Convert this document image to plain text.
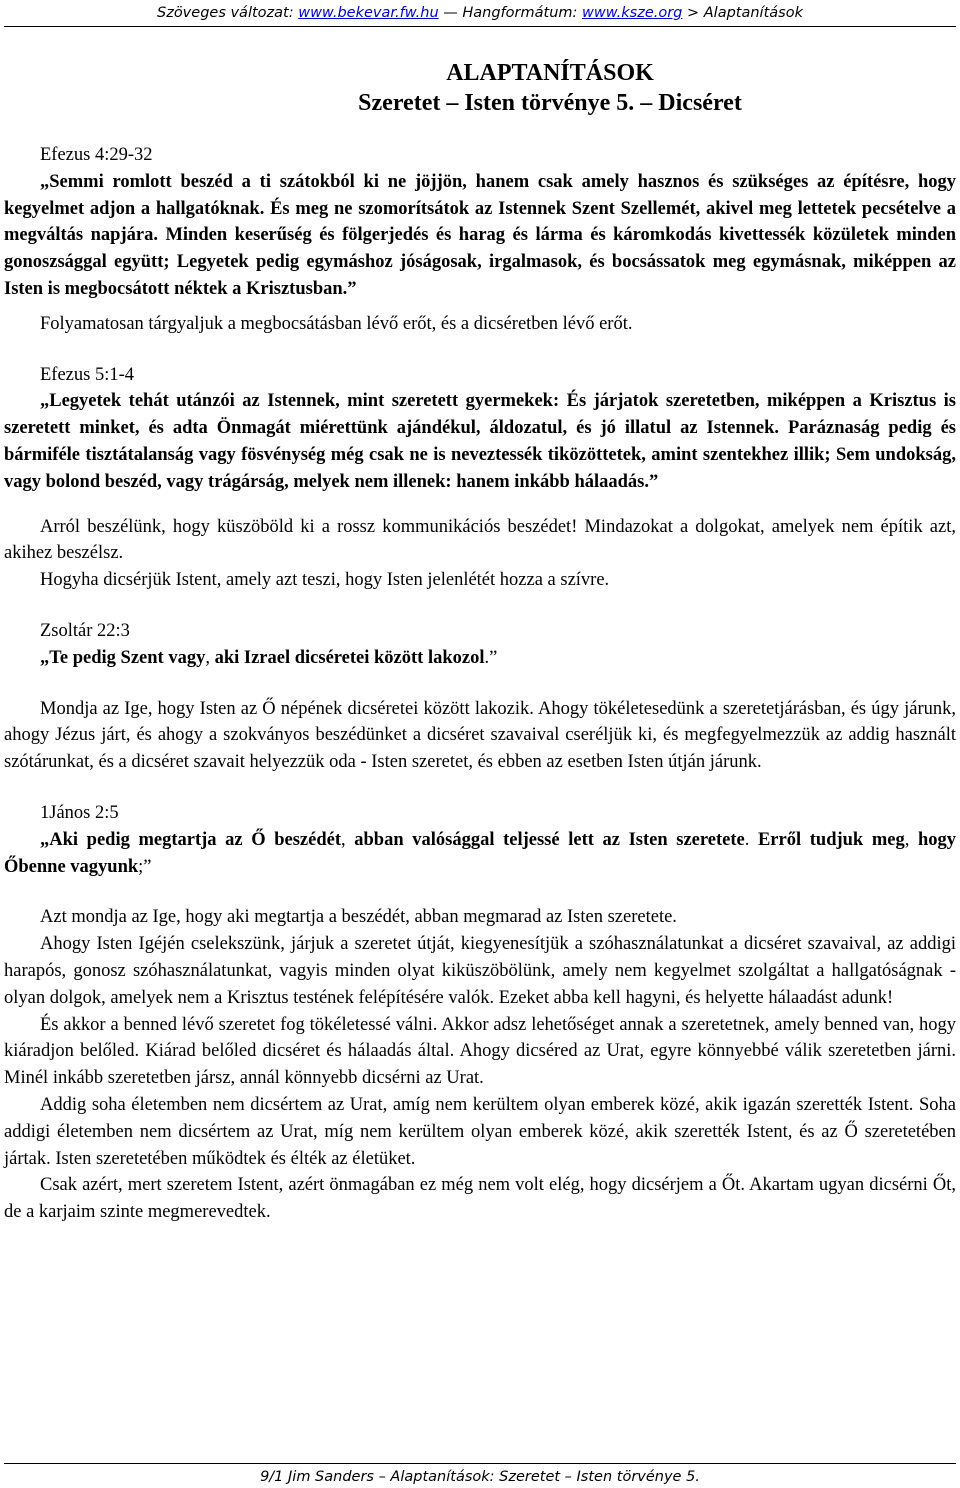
Szöveges változat: www.bekevar.fw.hu — Hangformátum: www.ksze.org > Alaptanítások
ALAPTANÍTÁSOK
Szeretet – Isten törvénye 5. – Dicséret

Efezus 4:29-32

„Semmi romlott beszéd a ti szátokból ki ne jöjjön, hanem csak amely hasznos és szükséges az építésre, hogy kegyelmet adjon a hallgatóknak. És meg ne szomorítsátok az Istennek Szent Szellemét, akivel meg lettetek pecsételve a megváltás napjára. Minden keserűség és fölgerjedés és harag és lárma és káromkodás kivettessék közületek minden gonoszsággal együtt; Legyetek pedig egymáshoz jóságosak, irgalmasok, és bocsássatok meg egymásnak, miképpen az Isten is megbocsátott néktek a Krisztusban.”

Folyamatosan tárgyaljuk a megbocsátásban lévő erőt, és a dicséretben lévő erőt.

Efezus 5:1-4

„Legyetek tehát utánzói az Istennek, mint szeretett gyermekek: És járjatok szeretetben, miképpen a Krisztus is szeretett minket, és adta Önmagát miérettünk ajándékul, áldozatul, és jó illatul az Istennek. Paráznaság pedig és bármiféle tisztátalanság vagy fösvénység még csak ne is neveztessék tiközöttetek, amint szentekhez illik; Sem undokság, vagy bolond beszéd, vagy trágárság, melyek nem illenek: hanem inkább hálaadás.”

Arról beszélünk, hogy küszöböld ki a rossz kommunikációs beszédet! Mindazokat a dolgokat, amelyek nem építik azt, akihez beszélsz.

Hogyha dicsérjük Istent, amely azt teszi, hogy Isten jelenlétét hozza a szívre.

Zsoltár 22:3

„Te pedig Szent vagy, aki Izrael dicséretei között lakozol.”

Mondja az Ige, hogy Isten az Ő népének dicséretei között lakozik. Ahogy tökéletesedünk a szeretetjárásban, és úgy járunk, ahogy Jézus járt, és ahogy a szokványos beszédünket a dicséret szavaival cseréljük ki, és megfegyelmezzük az addig használt szótárunkat, és a dicséret szavait helyezzük oda - Isten szeretet, és ebben az esetben Isten útján járunk.

1János 2:5

„Aki pedig megtartja az Ő beszédét, abban valósággal teljessé lett az Isten szeretete. Erről tudjuk meg, hogy Őbenne vagyunk;”

Azt mondja az Ige, hogy aki megtartja a beszédét, abban megmarad az Isten szeretete.

Ahogy Isten Igéjén cselekszünk, járjuk a szeretet útját, kiegyenesítjük a szóhasználatunkat a dicséret szavaival, az addigi harapós, gonosz szóhasználatunkat, vagyis minden olyat kiküszöbölünk, amely nem kegyelmet szolgáltat a hallgatóságnak - olyan dolgok, amelyek nem a Krisztus testének felépítésére valók. Ezeket abba kell hagyni, és helyette hálaadást adunk!

És akkor a benned lévő szeretet fog tökéletessé válni. Akkor adsz lehetőséget annak a szeretetnek, amely benned van, hogy kiáradjon belőled. Kiárad belőled dicséret és hálaadás által. Ahogy dicséred az Urat, egyre könnyebbé válik szeretetben járni. Minél inkább szeretetben jársz, annál könnyebb dicsérni az Urat.

Addig soha életemben nem dicsértem az Urat, amíg nem kerültem olyan emberek közé, akik igazán szerették Istent. Soha addigi életemben nem dicsértem az Urat, míg nem kerültem olyan emberek közé, akik szerették Istent, és az Ő szeretetében jártak. Isten szeretetében működtek és élték az életüket.

Csak azért, mert szeretem Istent, azért önmagában ez még nem volt elég, hogy dicsérjem a Őt. Akartam ugyan dicsérni Őt, de a karjaim szinte megmerevedtek.

9/1 Jim Sanders – Alaptanítások: Szeretet – Isten törvénye 5.
